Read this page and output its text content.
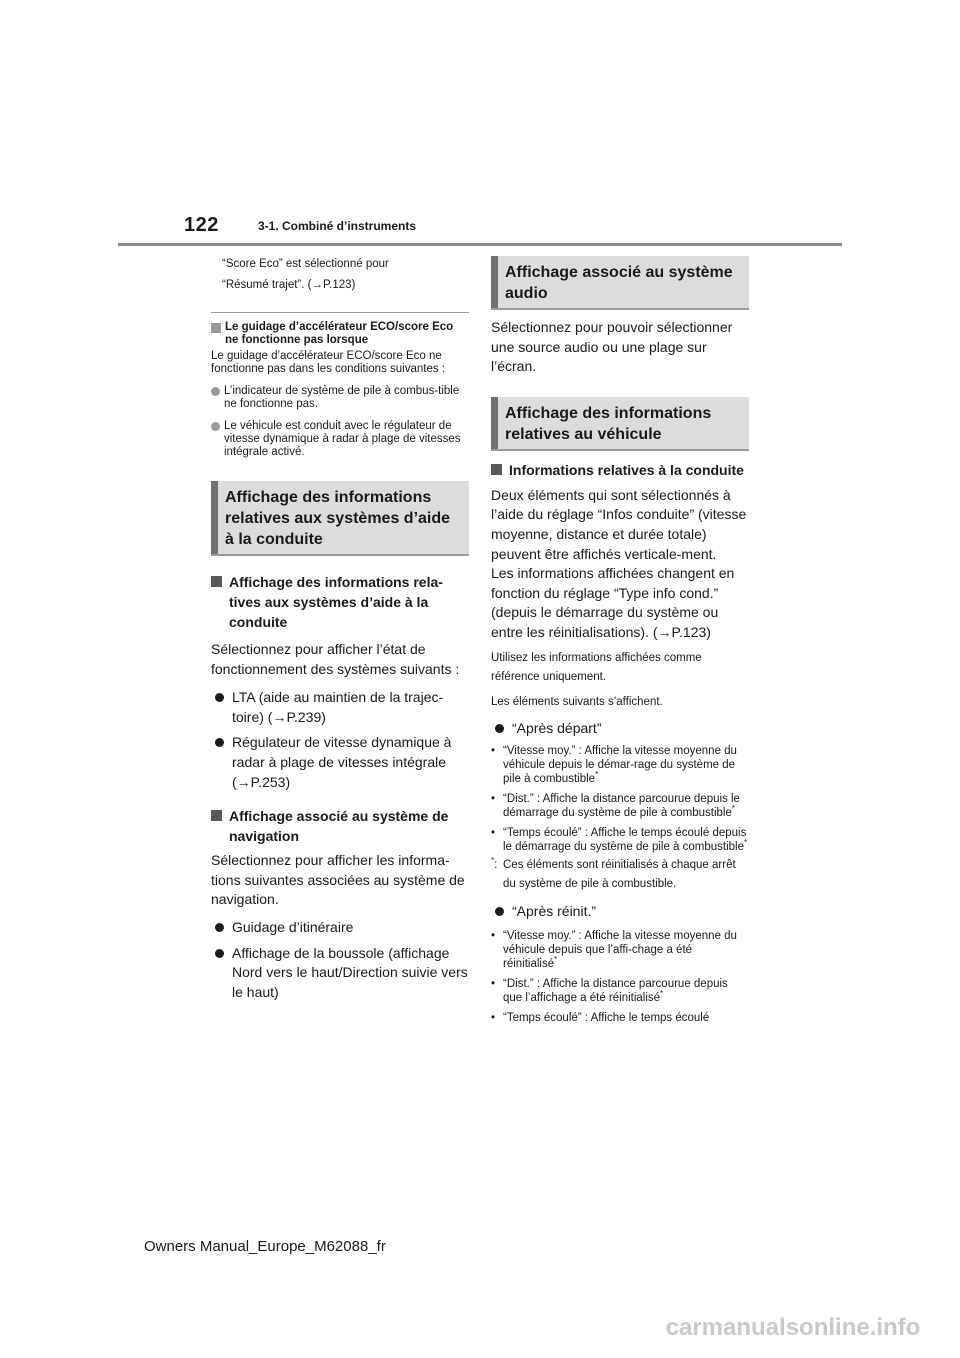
122	3-1. Combiné d’instruments
“Score Eco” est sélectionné pour
“Résumé trajet”. (→P.123)
Le guidage d’accélérateur ECO/score Eco ne fonctionne pas lorsque
Le guidage d’accélérateur ECO/score Eco ne fonctionne pas dans les conditions suivantes :
L’indicateur de système de pile à combus-tible ne fonctionne pas.
Le véhicule est conduit avec le régulateur de vitesse dynamique à radar à plage de vitesses intégrale activé.
Affichage des informations relatives aux systèmes d’aide à la conduite
Affichage des informations rela-tives aux systèmes d’aide à la conduite
Sélectionnez pour afficher l’état de fonctionnement des systèmes suivants :
LTA (aide au maintien de la trajec-toire) (→P.239)
Régulateur de vitesse dynamique à radar à plage de vitesses intégrale (→P.253)
Affichage associé au système de navigation
Sélectionnez pour afficher les informa-tions suivantes associées au système de navigation.
Guidage d’itinéraire
Affichage de la boussole (affichage Nord vers le haut/Direction suivie vers le haut)
Affichage associé au système audio
Sélectionnez pour pouvoir sélectionner une source audio ou une plage sur l’écran.
Affichage des informations relatives au véhicule
Informations relatives à la conduite
Deux éléments qui sont sélectionnés à l’aide du réglage “Infos conduite” (vitesse moyenne, distance et durée totale) peuvent être affichés verticale-ment.
Les informations affichées changent en fonction du réglage “Type info cond.” (depuis le démarrage du système ou entre les réinitialisations). (→P.123)
Utilisez les informations affichées comme référence uniquement.
Les éléments suivants s’affichent.
“Après départ”
• “Vitesse moy.” : Affiche la vitesse moyenne du véhicule depuis le démar-rage du système de pile à combustible*
• “Dist.” : Affiche la distance parcourue depuis le démarrage du système de pile à combustible*
• “Temps écoulé” : Affiche le temps écoulé depuis le démarrage du système de pile à combustible*
*: Ces éléments sont réinitialisés à chaque arrêt du système de pile à combustible.
“Après réinit.”
• “Vitesse moy.” : Affiche la vitesse moyenne du véhicule depuis que l’affi-chage a été réinitialisé*
• “Dist.” : Affiche la distance parcourue depuis que l’affichage a été réinitialisé*
• “Temps écoulé” : Affiche le temps écoulé
Owners Manual_Europe_M62088_fr
carmanualsonline.info
